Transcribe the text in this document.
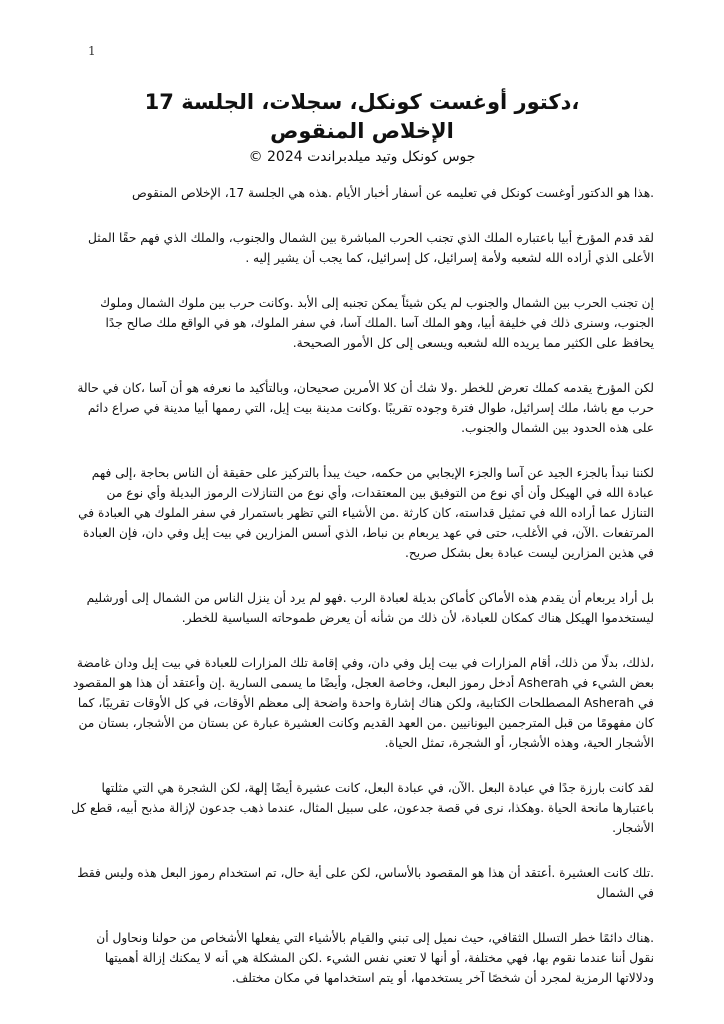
1
،دكتور أوغست كونكل، سجلات، الجلسة 17
الإخلاص المنقوص
جوس كونكل وتيد ميلدبراندت 2024 ©

.هذا هو الدكتور أوغست كونكل في تعليمه عن أسفار أخبار الأيام .هذه هي الجلسة 17، الإخلاص المنقوص

لقد قدم المؤرخ أبيا باعتباره الملك الذي تجنب الحرب المباشرة بين الشمال والجنوب، والملك الذي فهم حقًا المثل الأعلى الذي أراده الله لشعبه ولأمة إسرائيل، كل إسرائيل، كما يجب أن يشير إليه .

إن تجنب الحرب بين الشمال والجنوب لم يكن شيئاً يمكن تجنبه إلى الأبد .وكانت حرب بين ملوك الشمال وملوك الجنوب، وسنرى ذلك في خليفة أبيا، وهو الملك آسا .الملك آسا، في سفر الملوك، هو في الواقع ملك صالح جدًا يحافظ على الكثير مما يريده الله لشعبه ويسعى إلى كل الأمور الصحيحة.

لكن المؤرخ يقدمه كملك تعرض للخطر .ولا شك أن كلا الأمرين صحيحان، وبالتأكيد ما نعرفه هو أن آسا ،كان في حالة حرب مع باشا، ملك إسرائيل، طوال فترة وجوده تقريبًا .وكانت مدينة بيت إيل، التي رممها أبيا مدينة في صراع دائم على هذه الحدود بين الشمال والجنوب.

لكننا نبدأ بالجزء الجيد عن آسا والجزء الإيجابي من حكمه، حيث يبدأ بالتركيز على حقيقة أن الناس بحاجة ،إلى فهم عبادة الله في الهيكل وأن أي نوع من التوفيق بين المعتقدات، وأي نوع من التنازلات الرموز البديلة وأي نوع من التنازل عما أراده الله في تمثيل قداسته، كان كارثة .من الأشياء التي تظهر باستمرار في سفر الملوك هي العبادة في المرتفعات .الآن، في الأغلب، حتى في عهد يربعام بن نباط، الذي أسس المزارين في بيت إيل وفي دان، فإن العبادة في هذين المزارين ليست عبادة بعل بشكل صريح.

بل أراد يربعام أن يقدم هذه الأماكن كأماكن بديلة لعبادة الرب .فهو لم يرد أن ينزل الناس من الشمال إلى أورشليم ليستخدموا الهيكل هناك كمكان للعبادة، لأن ذلك من شأنه أن يعرض طموحاته السياسية للخطر.

،لذلك، بدلًا من ذلك، أقام المزارات في بيت إيل وفي دان، وفي إقامة تلك المزارات للعبادة في بيت إيل ودان غامضة بعض الشيء في Asherah أدخل رموز البعل، وخاصة العجل، وأيضًا ما يسمى السارية .إن وأعتقد أن هذا هو المقصود في Asherah المصطلحات الكتابية، ولكن هناك إشارة واحدة واضحة إلى معظم الأوقات، في كل الأوقات تقريبًا، كما كان مفهومًا من قبل المترجمين اليونانيين .من العهد القديم وكانت العشيرة عبارة عن بستان من الأشجار، بستان من الأشجار الحية، وهذه الأشجار، أو الشجرة، تمثل الحياة.

لقد كانت بارزة جدًا في عبادة البعل .الآن، في عبادة البعل، كانت عشيرة أيضًا إلهة، لكن الشجرة هي التي مثلتها باعتبارها مانحة الحياة .وهكذا، نرى في قصة جدعون، على سبيل المثال، عندما ذهب جدعون لإزالة مذبح أبيه، قطع كل الأشجار.

.تلك كانت العشيرة .أعتقد أن هذا هو المقصود بالأساس، لكن على أية حال، تم استخدام رموز البعل هذه وليس فقط في الشمال

.هناك دائمًا خطر التسلل الثقافي، حيث نميل إلى تبني والقيام بالأشياء التي يفعلها الأشخاص من حولنا ونحاول أن نقول أننا عندما نقوم بها، فهي مختلفة، أو أنها لا تعني نفس الشيء .لكن المشكلة هي أنه لا يمكنك إزالة أهميتها ودلالاتها الرمزية لمجرد أن شخصًا آخر يستخدمها، أو يتم استخدامها في مكان مختلف.
